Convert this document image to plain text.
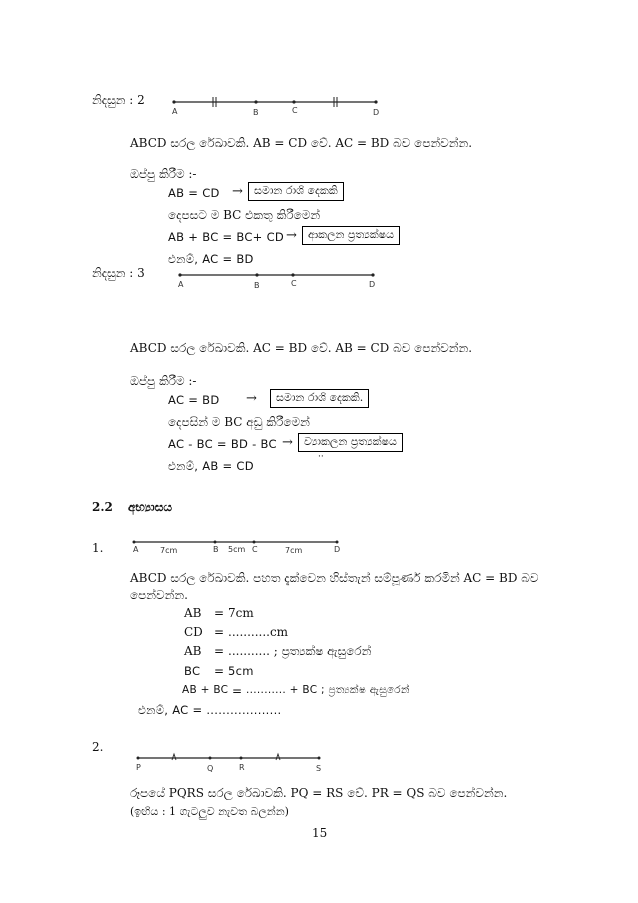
නිදසුන : 2
A	B	C	D
ABCD සරල රේඛාවකි. AB = CD වේ. AC = BD බව පෙන්වන්න.
ඔප්පු කිරීම :-
AB = CD →	සමාන රාශි දෙකකි
දෙපසට ම BC එකතු කිරීමෙන්
AB + BC = BC+ CD →	ආකලන ප්‍රත්‍යක්ෂය
එනම්, AC = BD
නිදසුන : 3
A	B	C	D
ABCD සරල රේඛාවකි. AC = BD වේ. AB = CD බව පෙන්වන්න.
ඔප්පු කිරීම :-
AC = BD →	සමාන රාශි දෙකකි.
දෙපසින් ම BC අඩු කිරීමෙන්
AC - BC = BD - BC →	ව්‍යාකලන ප්‍රත්‍යක්ෂය
එනම්, AB = CD
··
2.2 අභ්‍යාසය
1.	A	7cm	B 5cm C	7cm	D
ABCD සරල රේඛාවකි. පහත දැක්වෙන හිස්තැන් සම්පූර්ණ කරමින් AC = BD බව
පෙන්වන්න.
AB = 7cm
CD = ...........cm
AB = ........... ; ප්‍රත්‍යක්ෂ ඇසුරෙන්
BC = 5cm
AB + BC = ........... + BC ; ප්‍රත්‍යක්ෂ ඇසුරෙන්
එනම්, AC = ...................
2.
P	Q	R	S
රූපයේ PQRS සරල රේඛාවකි. PQ = RS වේ. PR = QS බව පෙන්වන්න.
(ඉඟිය : 1 ගැටලුව නැවත බලන්න)
15
